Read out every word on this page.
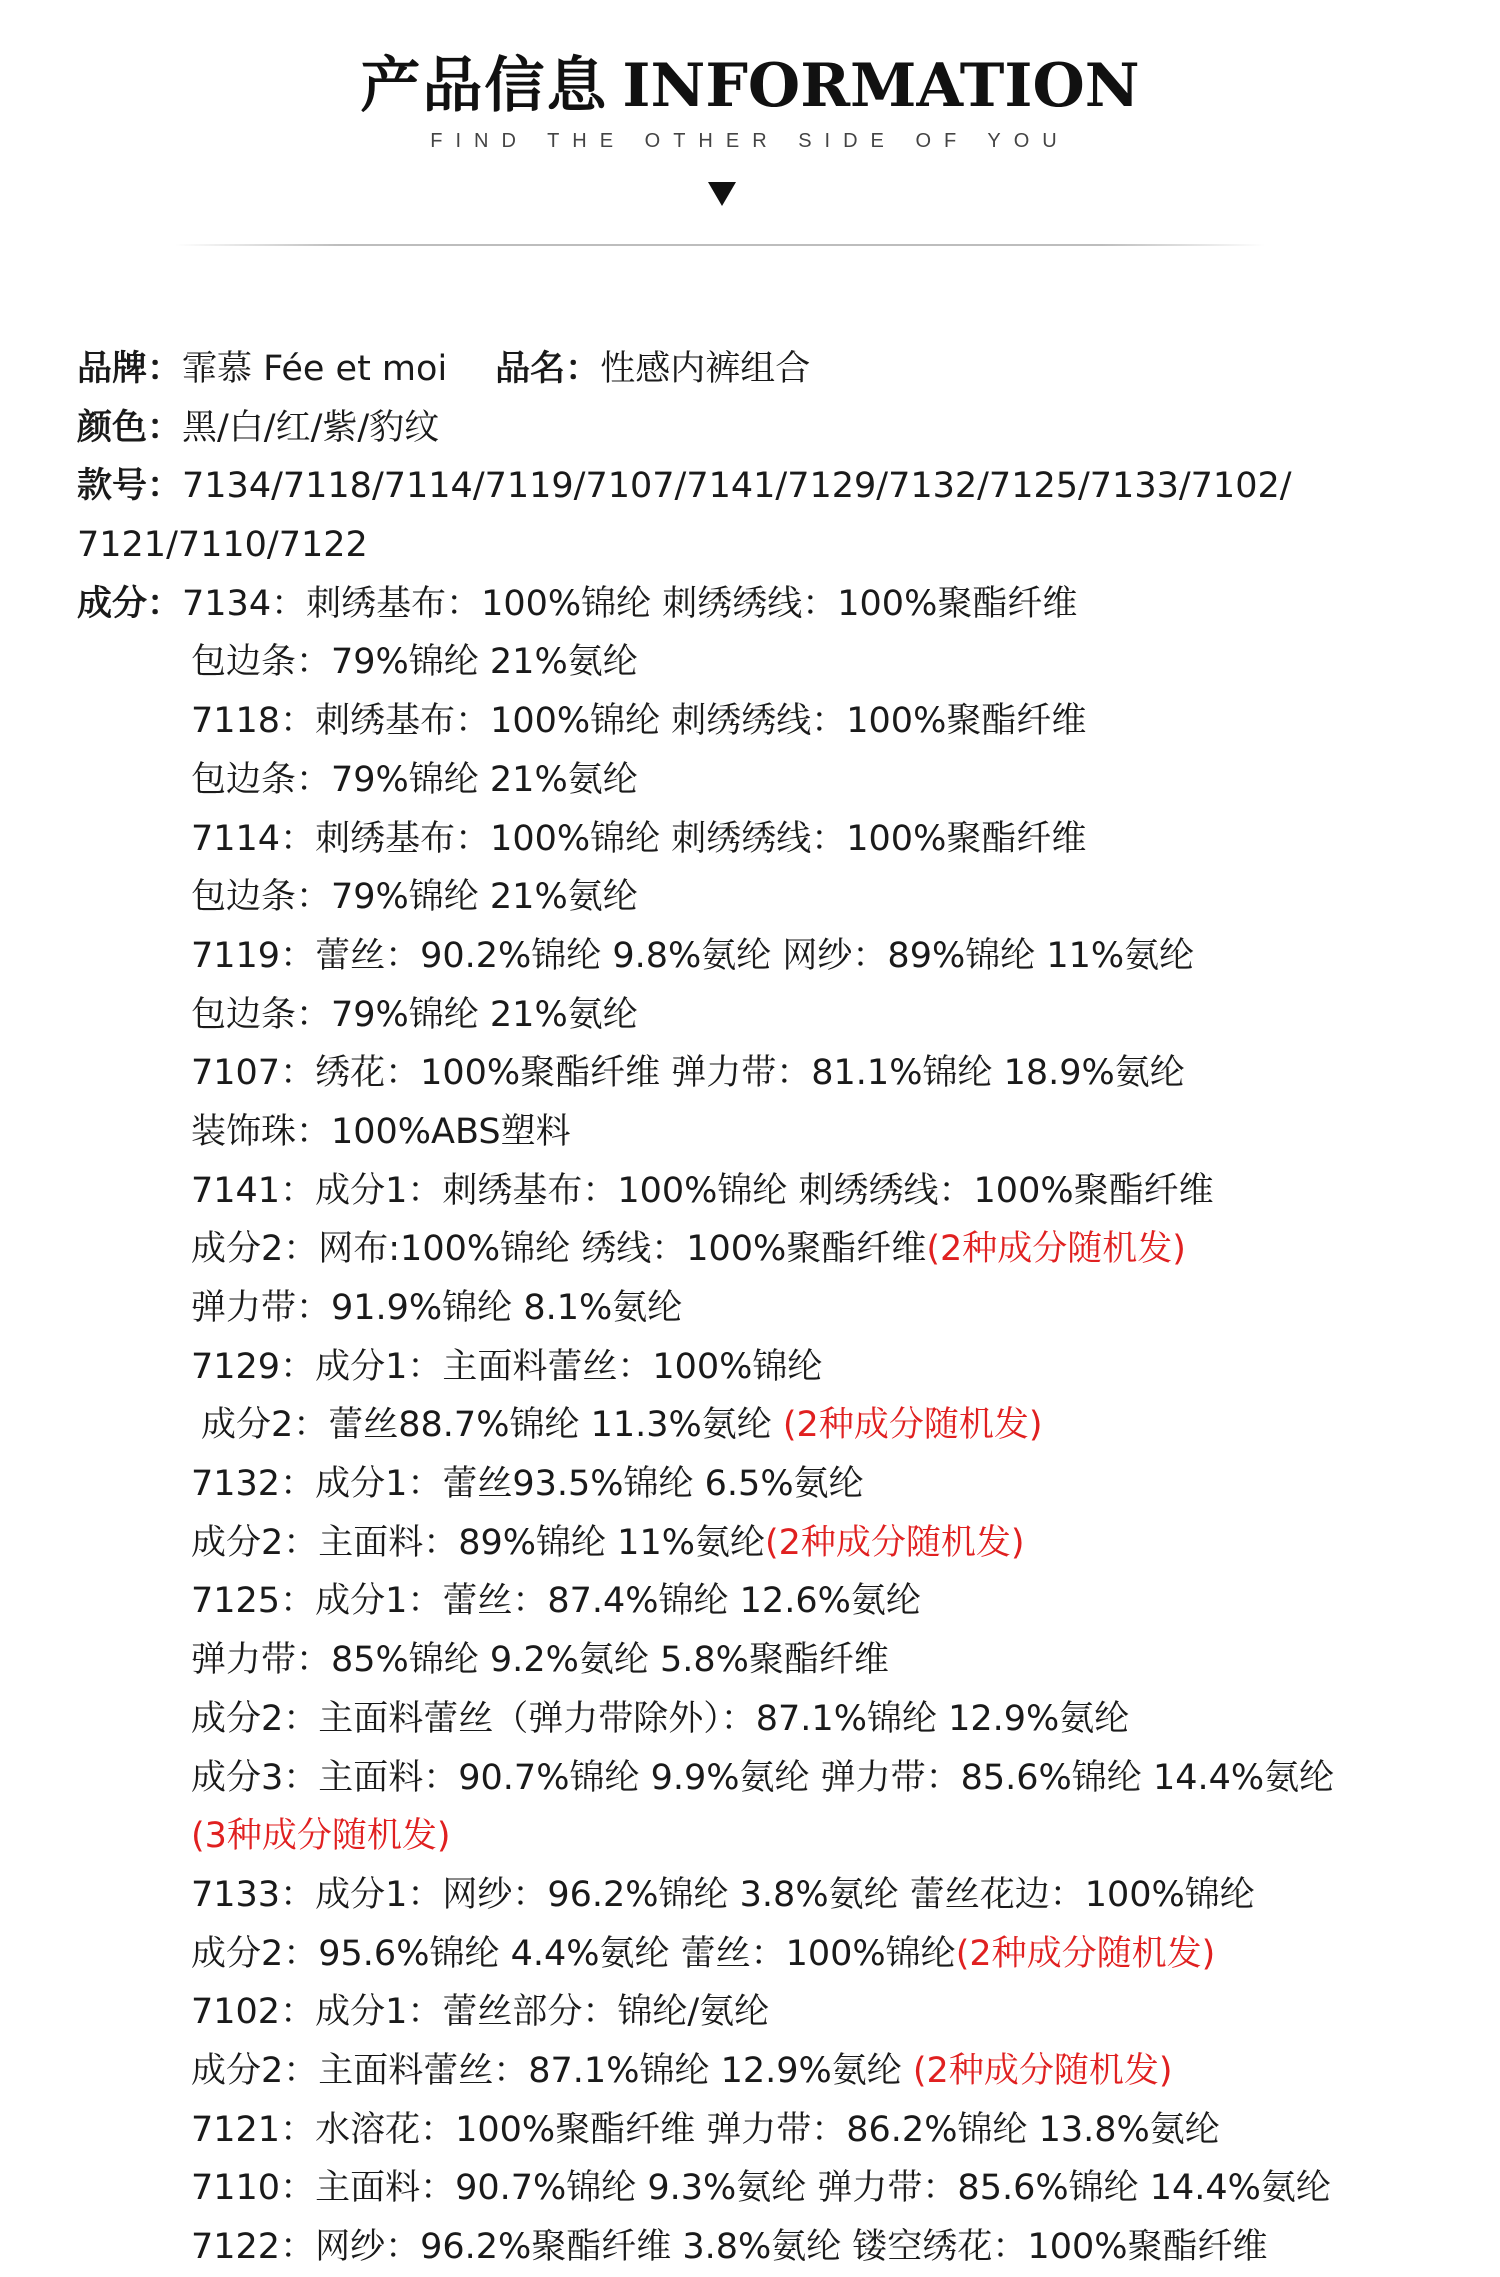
产品信息 INFORMATION
FIND THE OTHER SIDE OF YOU
品牌：霏慕 Fée et moi 品名：性感内裤组合
颜色：黑/白/红/紫/豹纹
款号：7134/7118/7114/7119/7107/7141/7129/7132/7125/7133/7102/
7121/7110/7122
成分：7134：刺绣基布：100%锦纶 刺绣绣线：100%聚酯纤维
包边条：79%锦纶 21%氨纶
7118：刺绣基布：100%锦纶 刺绣绣线：100%聚酯纤维
包边条：79%锦纶 21%氨纶
7114：刺绣基布：100%锦纶 刺绣绣线：100%聚酯纤维
包边条：79%锦纶 21%氨纶
7119：蕾丝：90.2%锦纶 9.8%氨纶 网纱：89%锦纶 11%氨纶
包边条：79%锦纶 21%氨纶
7107：绣花：100%聚酯纤维 弹力带：81.1%锦纶 18.9%氨纶
装饰珠：100%ABS塑料
7141：成分1：刺绣基布：100%锦纶 刺绣绣线：100%聚酯纤维
成分2：网布:100%锦纶 绣线：100%聚酯纤维(2种成分随机发)
弹力带：91.9%锦纶 8.1%氨纶
7129：成分1：主面料蕾丝：100%锦纶
成分2：蕾丝88.7%锦纶 11.3%氨纶 (2种成分随机发)
7132：成分1：蕾丝93.5%锦纶 6.5%氨纶
成分2：主面料：89%锦纶 11%氨纶(2种成分随机发)
7125：成分1：蕾丝：87.4%锦纶 12.6%氨纶
弹力带：85%锦纶 9.2%氨纶 5.8%聚酯纤维
成分2：主面料蕾丝（弹力带除外）：87.1%锦纶 12.9%氨纶
成分3：主面料：90.7%锦纶 9.9%氨纶 弹力带：85.6%锦纶 14.4%氨纶
(3种成分随机发)
7133：成分1：网纱：96.2%锦纶 3.8%氨纶 蕾丝花边：100%锦纶
成分2：95.6%锦纶 4.4%氨纶 蕾丝：100%锦纶(2种成分随机发)
7102：成分1：蕾丝部分：锦纶/氨纶
成分2：主面料蕾丝：87.1%锦纶 12.9%氨纶 (2种成分随机发)
7121：水溶花：100%聚酯纤维 弹力带：86.2%锦纶 13.8%氨纶
7110：主面料：90.7%锦纶 9.3%氨纶 弹力带：85.6%锦纶 14.4%氨纶
7122：网纱：96.2%聚酯纤维 3.8%氨纶 镂空绣花：100%聚酯纤维
